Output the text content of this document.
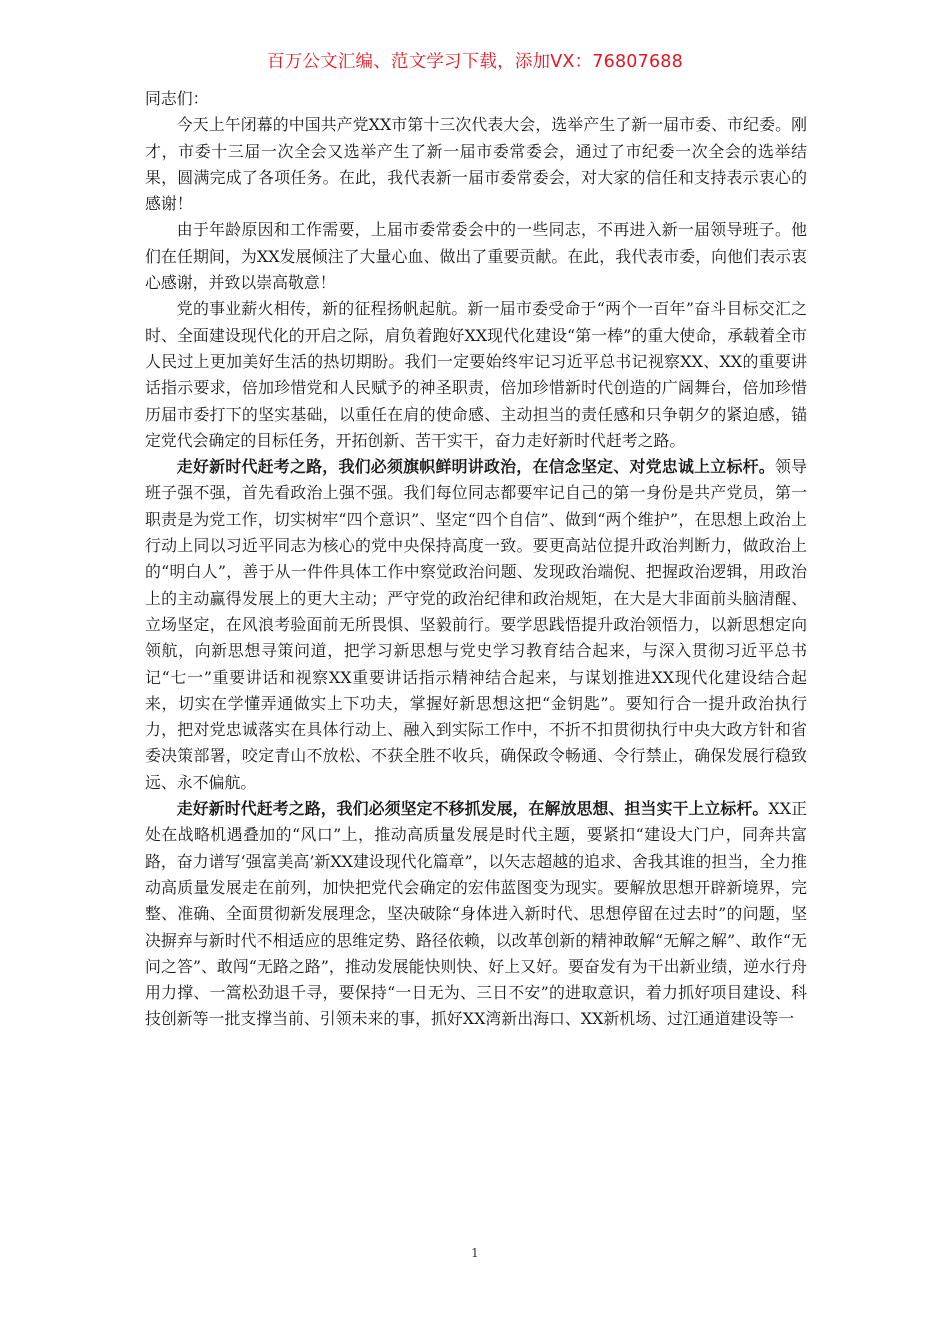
百万公文汇编、范文学习下载，添加VX：76807688

同志们：

今天上午闭幕的中国共产党XX市第十三次代表大会，选举产生了新一届市委、市纪委。刚才，市委十三届一次全会又选举产生了新一届市委常委会，通过了市纪委一次全会的选举结果，圆满完成了各项任务。在此，我代表新一届市委常委会，对大家的信任和支持表示衷心的感谢！

由于年龄原因和工作需要，上届市委常委会中的一些同志，不再进入新一届领导班子。他们在任期间，为XX发展倾注了大量心血、做出了重要贡献。在此，我代表市委，向他们表示衷心感谢，并致以崇高敬意！

党的事业薪火相传，新的征程扬帆起航。新一届市委受命于“两个一百年”奋斗目标交汇之时、全面建设现代化的开启之际，肩负着跑好XX现代化建设“第一棒”的重大使命，承载着全市人民过上更加美好生活的热切期盼。我们一定要始终牢记习近平总书记视察XX、XX的重要讲话指示要求，倍加珍惜党和人民赋予的神圣职责，倍加珍惜新时代创造的广阔舞台，倍加珍惜历届市委打下的坚实基础，以重任在肩的使命感、主动担当的责任感和只争朝夕的紧迫感，锚定党代会确定的目标任务，开拓创新、苦干实干，奋力走好新时代赶考之路。

走好新时代赶考之路，我们必须旗帜鲜明讲政治，在信念坚定、对党忠诚上立标杆。领导班子强不强，首先看政治上强不强。我们每位同志都要牢记自己的第一身份是共产党员，第一职责是为党工作，切实树牢“四个意识”、坚定“四个自信”、做到“两个维护”，在思想上政治上行动上同以习近平同志为核心的党中央保持高度一致。要更高站位提升政治判断力，做政治上的“明白人”，善于从一件件具体工作中察觉政治问题、发现政治端倪、把握政治逻辑，用政治上的主动赢得发展上的更大主动；严守党的政治纪律和政治规矩，在大是大非面前头脑清醒、立场坚定，在风浪考验面前无所畏惧、坚毅前行。要学思践悟提升政治领悟力，以新思想定向领航，向新思想寻策问道，把学习新思想与党史学习教育结合起来，与深入贯彻习近平总书记“七一”重要讲话和视察XX重要讲话指示精神结合起来，与谋划推进XX现代化建设结合起来，切实在学懂弄通做实上下功夫，掌握好新思想这把“金钥匙”。要知行合一提升政治执行力，把对党忠诚落实在具体行动上、融入到实际工作中，不折不扣贯彻执行中央大政方针和省委决策部署，咬定青山不放松、不获全胜不收兵，确保政令畅通、令行禁止，确保发展行稳致远、永不偏航。

走好新时代赶考之路，我们必须坚定不移抓发展，在解放思想、担当实干上立标杆。XX正处在战略机遇叠加的“风口”上，推动高质量发展是时代主题，要紧扣“建设大门户，同奔共富路，奋力谱写‘强富美高’新XX建设现代化篇章”，以矢志超越的追求、舍我其谁的担当，全力推动高质量发展走在前列，加快把党代会确定的宏伟蓝图变为现实。要解放思想开辟新境界，完整、准确、全面贯彻新发展理念，坚决破除“身体进入新时代、思想停留在过去时”的问题，坚决摒弃与新时代不相适应的思维定势、路径依赖，以改革创新的精神敢解“无解之解”、敢作“无问之答”、敢闯“无路之路”，推动发展能快则快、好上又好。要奋发有为干出新业绩，逆水行舟用力撑、一篙松劲退千寻，要保持“一日无为、三日不安”的进取意识，着力抓好项目建设、科技创新等一批支撑当前、引领未来的事，抓好XX湾新出海口、XX新机场、过江通道建设等一

1
